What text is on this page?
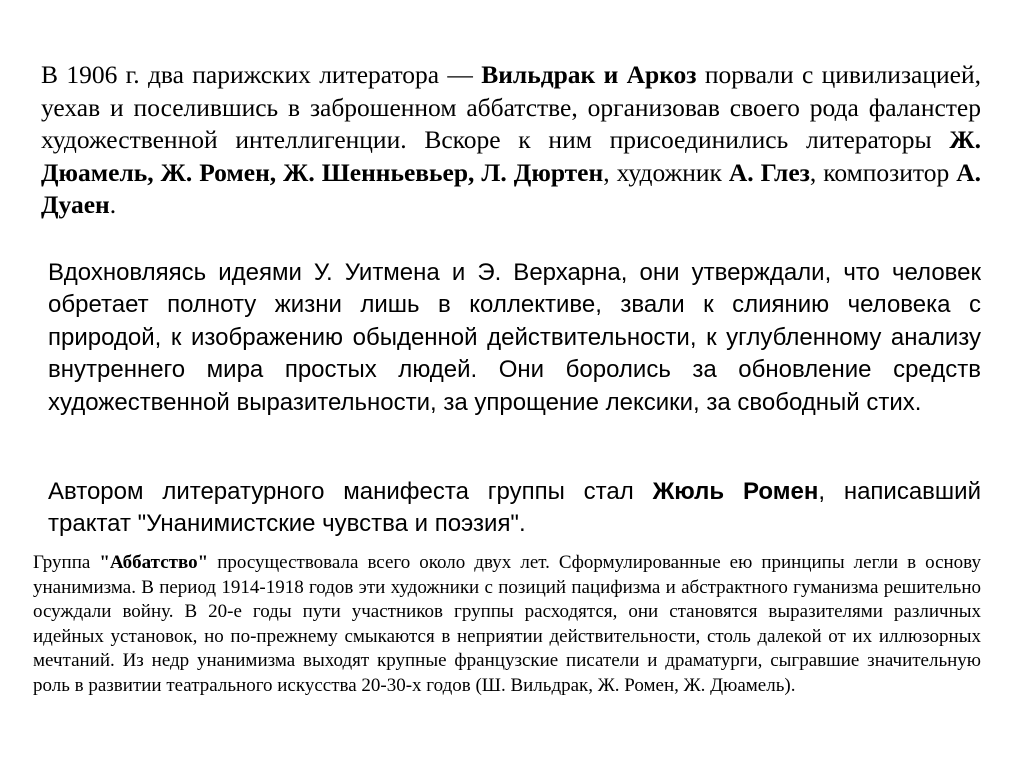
В 1906 г. два парижских литератора — Вильдрак и Аркоз порвали с цивилизацией, уехав и поселившись в заброшенном аббатстве, организовав своего рода фаланстер художественной интеллигенции. Вскоре к ним присоединились литераторы Ж. Дюамель, Ж. Ромен, Ж. Шенньевьер, Л. Дюртен, художник А. Глез, композитор А. Дуаен.
Вдохновляясь идеями У. Уитмена и Э. Верхарна, они утверждали, что человек обретает полноту жизни лишь в коллективе, звали к слиянию человека с природой, к изображению обыденной действительности, к углубленному анализу внутреннего мира простых людей. Они боролись за обновление средств художественной выразительности, за упрощение лексики, за свободный стих.
Автором литературного манифеста группы стал Жюль Ромен, написавший трактат "Унанимистские чувства и поэзия".
Группа "Аббатство" просуществовала всего около двух лет. Сформулированные ею принципы легли в основу унанимизма. В период 1914-1918 годов эти художники с позиций пацифизма и абстрактного гуманизма решительно осуждали войну. В 20-е годы пути участников группы расходятся, они становятся выразителями различных идейных установок, но по-прежнему смыкаются в неприятии действительности, столь далекой от их иллюзорных мечтаний. Из недр унанимизма выходят крупные французские писатели и драматурги, сыгравшие значительную роль в развитии театрального искусства 20-30-х годов (Ш. Вильдрак, Ж. Ромен, Ж. Дюамель).
